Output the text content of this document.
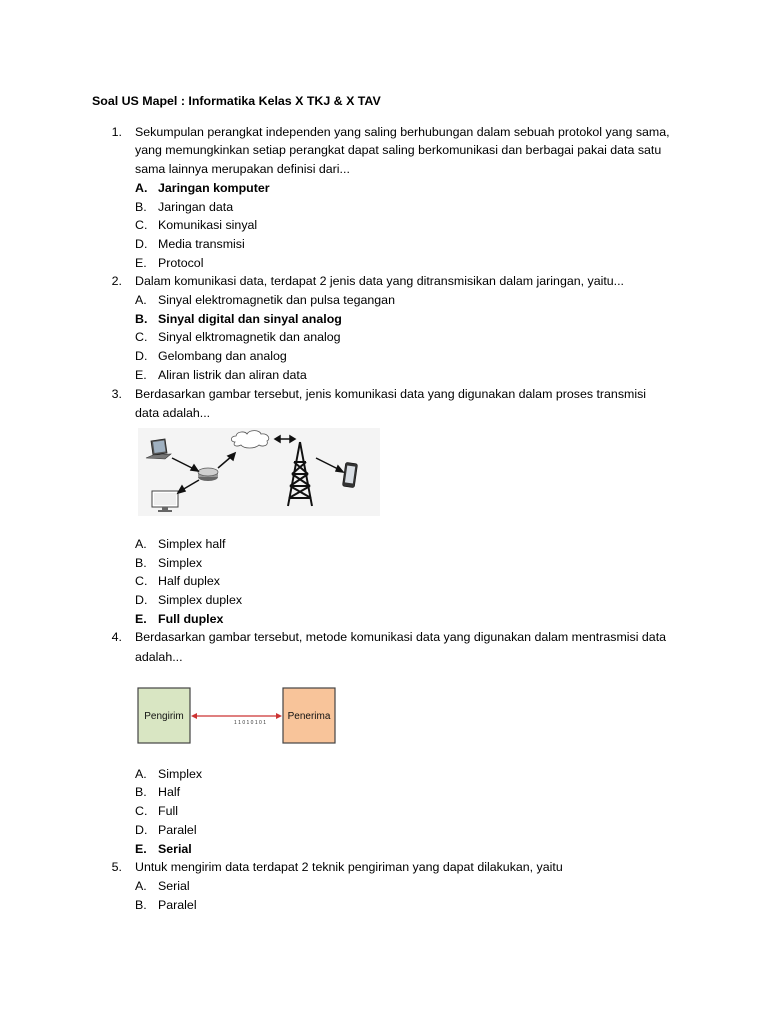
Soal US Mapel : Informatika Kelas X TKJ & X TAV
1. Sekumpulan perangkat independen yang saling berhubungan dalam sebuah protokol yang sama,
yang memungkinkan setiap perangkat dapat saling berkomunikasi dan berbagai pakai data satu
sama lainnya merupakan definisi dari...
A. Jaringan komputer
B. Jaringan data
C. Komunikasi sinyal
D. Media transmisi
E. Protocol
2. Dalam komunikasi data, terdapat 2 jenis data yang ditransmisikan dalam jaringan, yaitu...
A. Sinyal elektromagnetik dan pulsa tegangan
B. Sinyal digital dan sinyal analog
C. Sinyal elktromagnetik dan analog
D. Gelombang dan analog
E. Aliran listrik dan aliran data
3. Berdasarkan gambar tersebut, jenis komunikasi data yang digunakan dalam proses transmisi
data adalah...
A. Simplex half
B. Simplex
C. Half duplex
D. Simplex duplex
E. Full duplex
4. Berdasarkan gambar tersebut, metode komunikasi data yang digunakan dalam mentrasmisi data
adalah...
Pengirim	Penerima
1 1 0 1 0 1 0 1
A. Simplex
B. Half
C. Full
D. Paralel
E. Serial
5. Untuk mengirim data terdapat 2 teknik pengiriman yang dapat dilakukan, yaitu
A. Serial
B. Paralel
